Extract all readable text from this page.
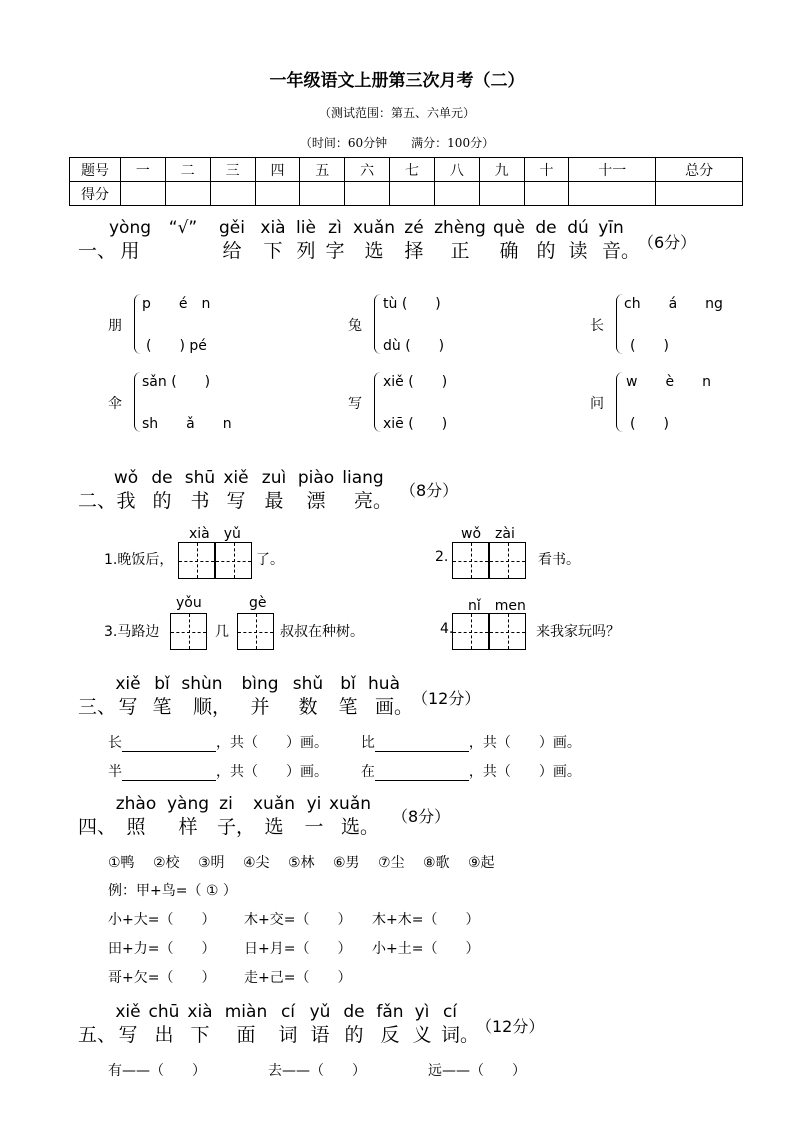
一年级语文上册第三次月考（二）
（测试范围：第五、六单元）
（时间：60分钟　　满分：100分）
题号	一	二	三	四	五	六	七	八	九	十	十一	总分
得分												
一、
yòng
用
“√”	gěi
给
xià
下
liè
列
zì
字
xuǎn
选
zé
择
zhèng
正
què
确
de
的
dú
读
yīn
音。
（6分）
朋
p　　é　n
(　　) pé
兔
tù (　　)
dù (　　)
长
ch　　á　　ng
(　　)
伞
sǎn (　　)
sh　　ǎ　　n
写
xiě (　　)
xiē (　　)
问
w　　è　　n
(　　)
二、
wǒ
我
de
的
shū
书
xiě
写
zuì
最
piào
漂
liang
亮。 （8分）
xià　yǔ
1.晚饭后，	了。
wǒ　zài
2.	看书。
yǒu	gè
3.马路边	几	叔叔在种树。
nǐ　men
4.	来我家玩吗？
三、
xiě
写
bǐ
笔
shùn
顺，
bìng
并
shǔ
数
bǐ
笔
huà
画。 （12分）
长	，共（　　）画。 比	，共（　　）画。
半	，共（　　）画。 在	，共（　　）画。
四、
zhào
照
yàng
样
zi
子，
xuǎn
选
yi
一
xuǎn
选。 （8分）
①鸭　 ②校　 ③明　 ④尖　 ⑤林　 ⑥男　 ⑦尘　 ⑧歌　 ⑨起
例：甲+鸟=（ ① ）
小+大=（　　） 木+交=（　　） 木+木=（　　）
田+力=（　　） 日+月=（　　） 小+土=（　　）
哥+欠=（　　） 走+己=（　　）
五、
xiě
写
chū
出
xià
下
miàn
面
cí
词
yǔ
语
de
的
fǎn
反
yì
义
cí
词。
（12分）
有——（　　）	去——（　　）	远——（　　）
